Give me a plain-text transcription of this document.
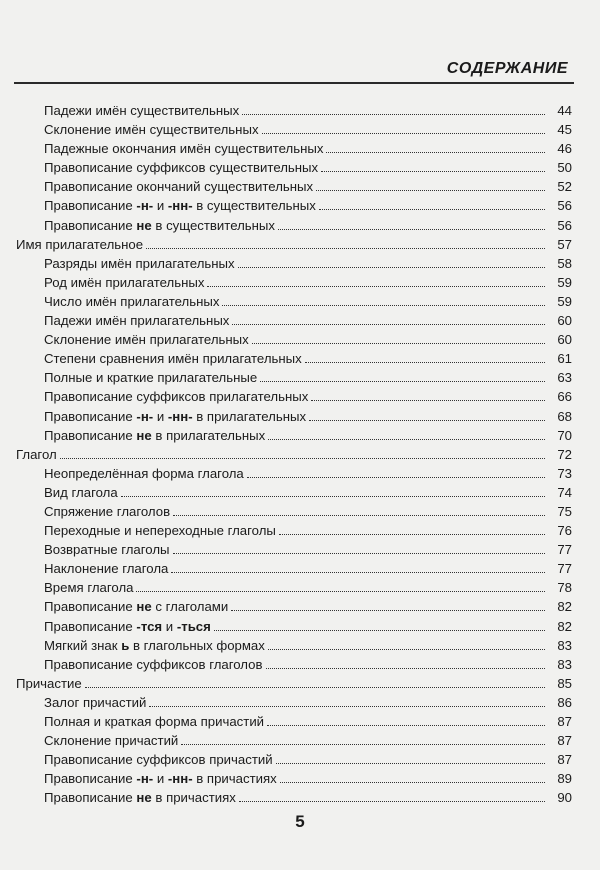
СОДЕРЖАНИЕ
Падежи имён существительных	44
Склонение имён существительных	45
Падежные окончания имён существительных	46
Правописание суффиксов существительных	50
Правописание окончаний существительных	52
Правописание -н- и -нн- в существительных	56
Правописание не в существительных	56
Имя прилагательное	57
Разряды имён прилагательных	58
Род имён прилагательных	59
Число имён прилагательных	59
Падежи имён прилагательных	60
Склонение имён прилагательных	60
Степени сравнения имён прилагательных	61
Полные и краткие прилагательные	63
Правописание суффиксов прилагательных	66
Правописание -н- и -нн- в прилагательных	68
Правописание не в прилагательных	70
Глагол	72
Неопределённая форма глагола	73
Вид глагола	74
Спряжение глаголов	75
Переходные и непереходные глаголы	76
Возвратные глаголы	77
Наклонение глагола	77
Время глагола	78
Правописание не с глаголами	82
Правописание -тся и -ться	82
Мягкий знак ь в глагольных формах	83
Правописание суффиксов глаголов	83
Причастие	85
Залог причастий	86
Полная и краткая форма причастий	87
Склонение причастий	87
Правописание суффиксов причастий	87
Правописание -н- и -нн- в причастиях	89
Правописание не в причастиях	90
5
